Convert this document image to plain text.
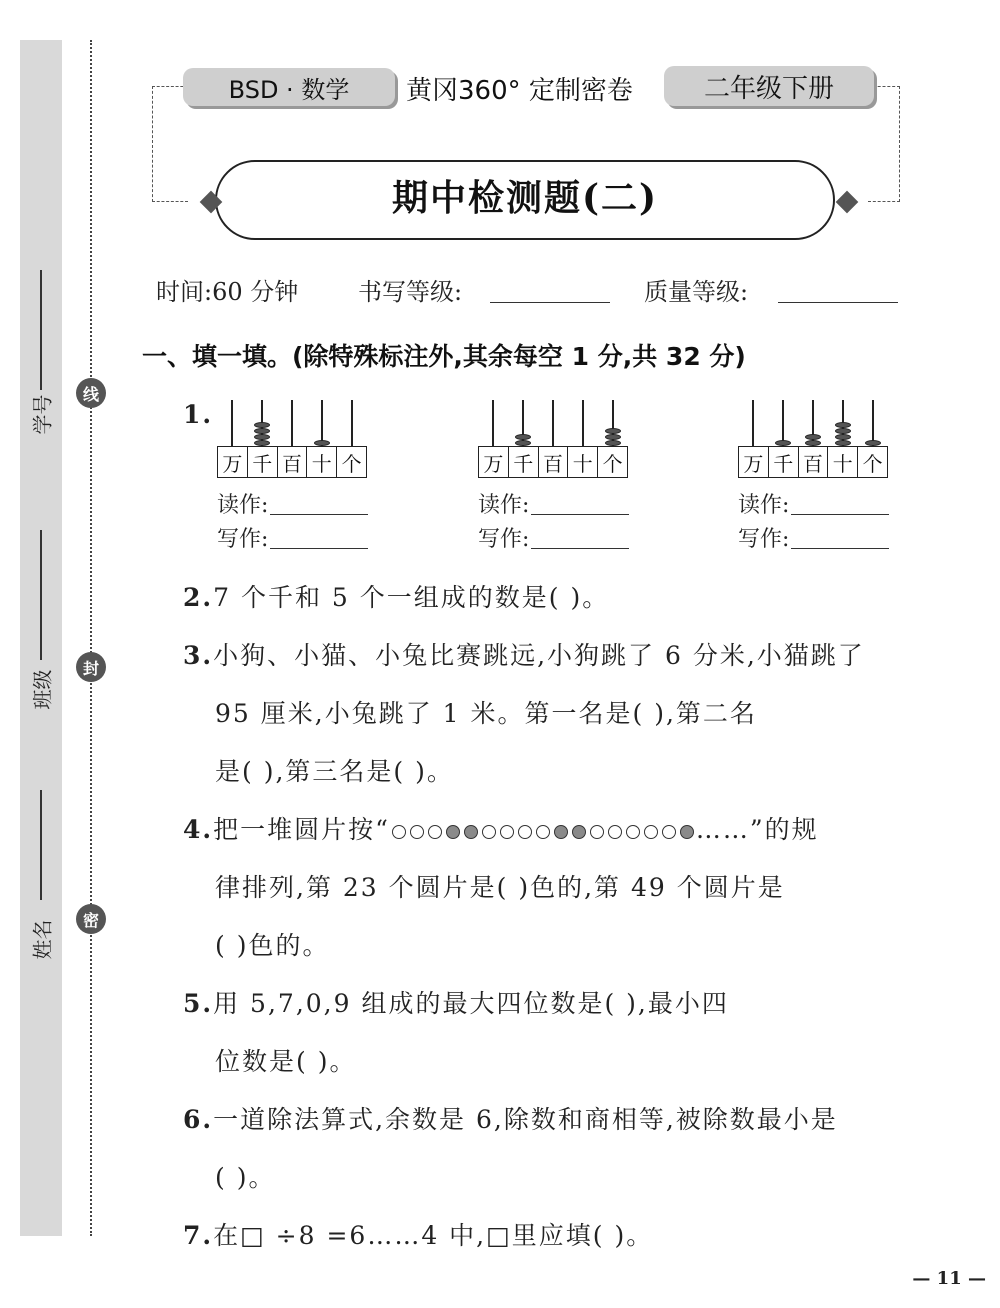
学号
班级
姓名
线
封
密
BSD · 数学	黄冈360° 定制密卷	二年级下册
期中检测题(二)
时间:60 分钟 书写等级:	质量等级:
一、填一填。(除特殊标注外,其余每空 1 分,共 32 分)
1.
万 千 百 十 个	万 千 百 十 个	万 千 百 十 个
读作:
写作:
读作:
写作:
读作:
写作:
2.7 个千和 5 个一组成的数是( )。
3.小狗、小猫、小兔比赛跳远,小狗跳了 6 分米,小猫跳了
95 厘米,小兔跳了 1 米。第一名是( ),第二名
是( ),第三名是( )。
4.把一堆圆片按“	……”的规
律排列,第 23 个圆片是( )色的,第 49 个圆片是
( )色的。
5.用 5,7,0,9 组成的最大四位数是( ),最小四
位数是( )。
6.一道除法算式,余数是 6,除数和商相等,被除数最小是
( )。
7.在□ ÷8 =6……4 中,□里应填( )。
— 11 —
